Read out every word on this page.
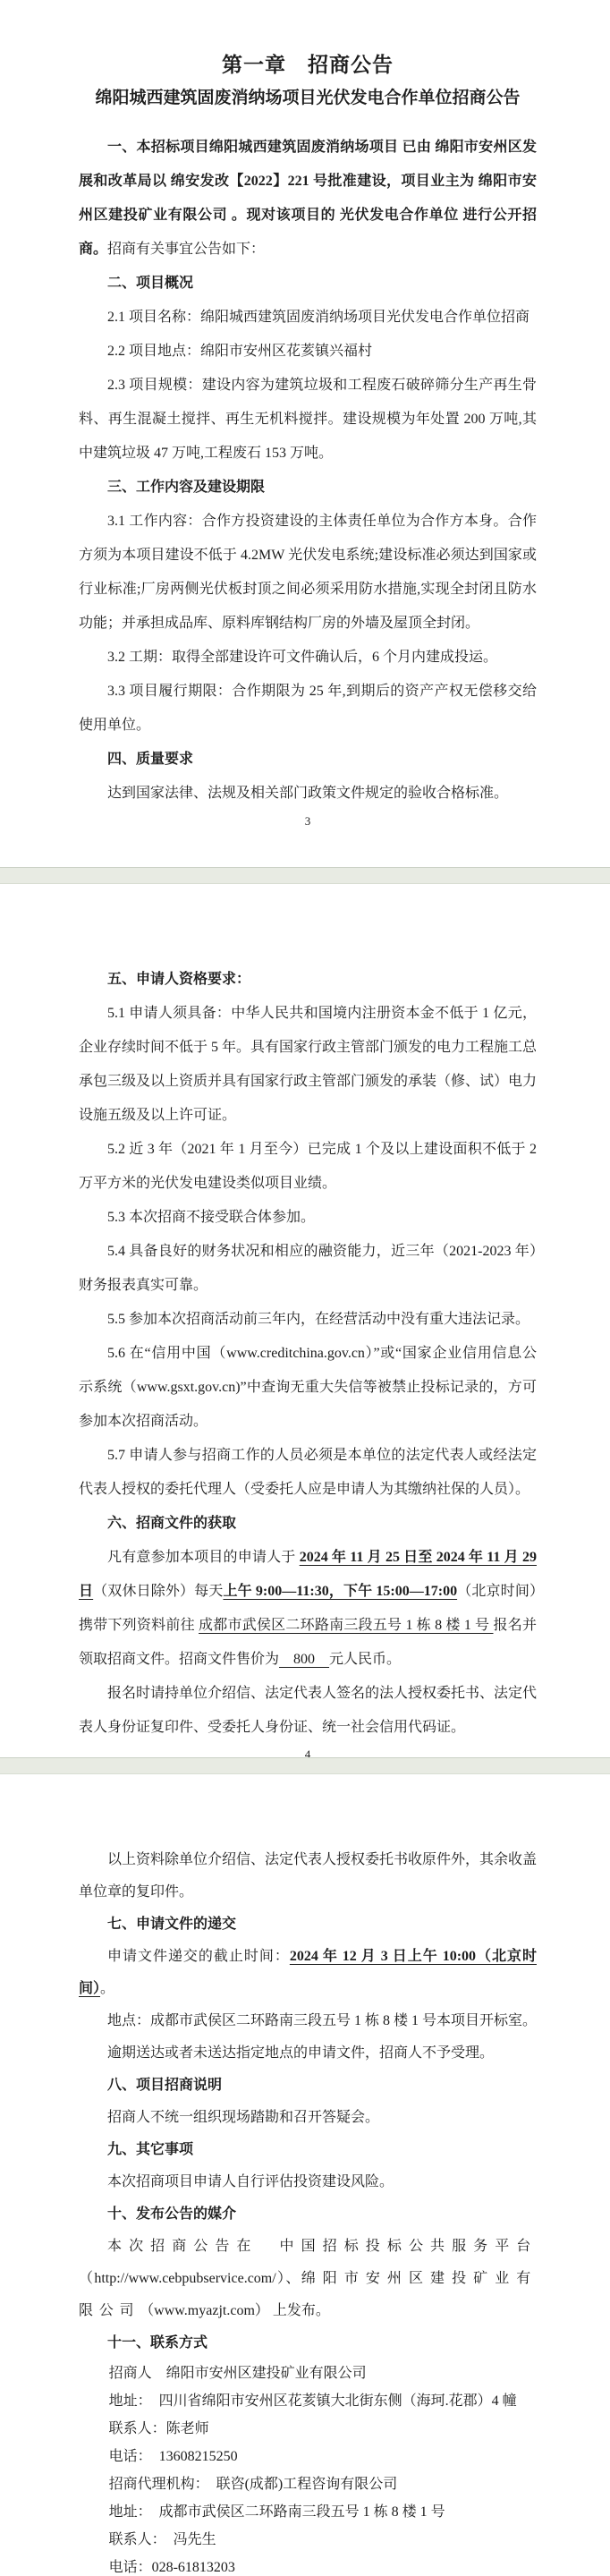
第一章　招商公告
绵阳城西建筑固废消纳场项目光伏发电合作单位招商公告
一、本招标项目绵阳城西建筑固废消纳场项目 已由 绵阳市安州区发展和改革局以 绵安发改【2022】221 号批准建设，项目业主为 绵阳市安州区建投矿业有限公司 。现对该项目的 光伏发电合作单位 进行公开招商。招商有关事宜公告如下：
二、项目概况
2.1 项目名称：绵阳城西建筑固废消纳场项目光伏发电合作单位招商
2.2 项目地点：绵阳市安州区花荄镇兴福村
2.3 项目规模：建设内容为建筑垃圾和工程废石破碎筛分生产再生骨料、再生混凝土搅拌、再生无机料搅拌。建设规模为年处置 200 万吨,其中建筑垃圾 47 万吨,工程废石 153 万吨。
三、工作内容及建设期限
3.1 工作内容：合作方投资建设的主体责任单位为合作方本身。合作方须为本项目建设不低于 4.2MW 光伏发电系统;建设标准必须达到国家或行业标准;厂房两侧光伏板封顶之间必须采用防水措施,实现全封闭且防水功能；并承担成品库、原料库钢结构厂房的外墙及屋顶全封闭。
3.2 工期：取得全部建设许可文件确认后，6 个月内建成投运。
3.3 项目履行期限：合作期限为 25 年,到期后的资产产权无偿移交给使用单位。
四、质量要求
达到国家法律、法规及相关部门政策文件规定的验收合格标准。
3
五、申请人资格要求：
5.1 申请人须具备：中华人民共和国境内注册资本金不低于 1 亿元，企业存续时间不低于 5 年。具有国家行政主管部门颁发的电力工程施工总承包三级及以上资质并具有国家行政主管部门颁发的承装（修、试）电力设施五级及以上许可证。
5.2 近 3 年（2021 年 1 月至今）已完成 1 个及以上建设面积不低于 2 万平方米的光伏发电建设类似项目业绩。
5.3 本次招商不接受联合体参加。
5.4 具备良好的财务状况和相应的融资能力，近三年（2021-2023 年）财务报表真实可靠。
5.5 参加本次招商活动前三年内，在经营活动中没有重大违法记录。
5.6 在“信用中国（www.creditchina.gov.cn）”或“国家企业信用信息公示系统（www.gsxt.gov.cn)”中查询无重大失信等被禁止投标记录的，方可参加本次招商活动。
5.7 申请人参与招商工作的人员必须是本单位的法定代表人或经法定代表人授权的委托代理人（受委托人应是申请人为其缴纳社保的人员）。
六、招商文件的获取
凡有意参加本项目的申请人于 2024 年 11 月 25 日至 2024 年 11 月 29 日（双休日除外）每天上午 9:00—11:30，下午 15:00—17:00（北京时间）携带下列资料前往 成都市武侯区二环路南三段五号 1 栋 8 楼 1 号 报名并领取招商文件。招商文件售价为　800　元人民币。
报名时请持单位介绍信、法定代表人签名的法人授权委托书、法定代表人身份证复印件、受委托人身份证、统一社会信用代码证。
4
以上资料除单位介绍信、法定代表人授权委托书收原件外，其余收盖单位章的复印件。
七、申请文件的递交
申请文件递交的截止时间：2024 年 12 月 3 日上午 10:00（北京时间）。
地点：成都市武侯区二环路南三段五号 1 栋 8 楼 1 号本项目开标室。
逾期送达或者未送达指定地点的申请文件，招商人不予受理。
八、项目招商说明
招商人不统一组织现场踏勘和召开答疑会。
九、其它事项
本次招商项目申请人自行评估投资建设风险。
十、发布公告的媒介
本次招商公告在　中国招标投标公共服务平台（http://www.cebpubservice.com/）、绵阳市安州区建投矿业有限公司（www.myazjt.com） 上发布。
十一、联系方式
招商人　绵阳市安州区建投矿业有限公司
地址：　四川省绵阳市安州区花荄镇大北街东侧（海珂.花郡）4 幢
联系人：陈老师
电话：　13608215250
招商代理机构：　联咨(成都)工程咨询有限公司
地址：　成都市武侯区二环路南三段五号 1 栋 8 楼 1 号
联系人：　冯先生
电话：028-61813203
